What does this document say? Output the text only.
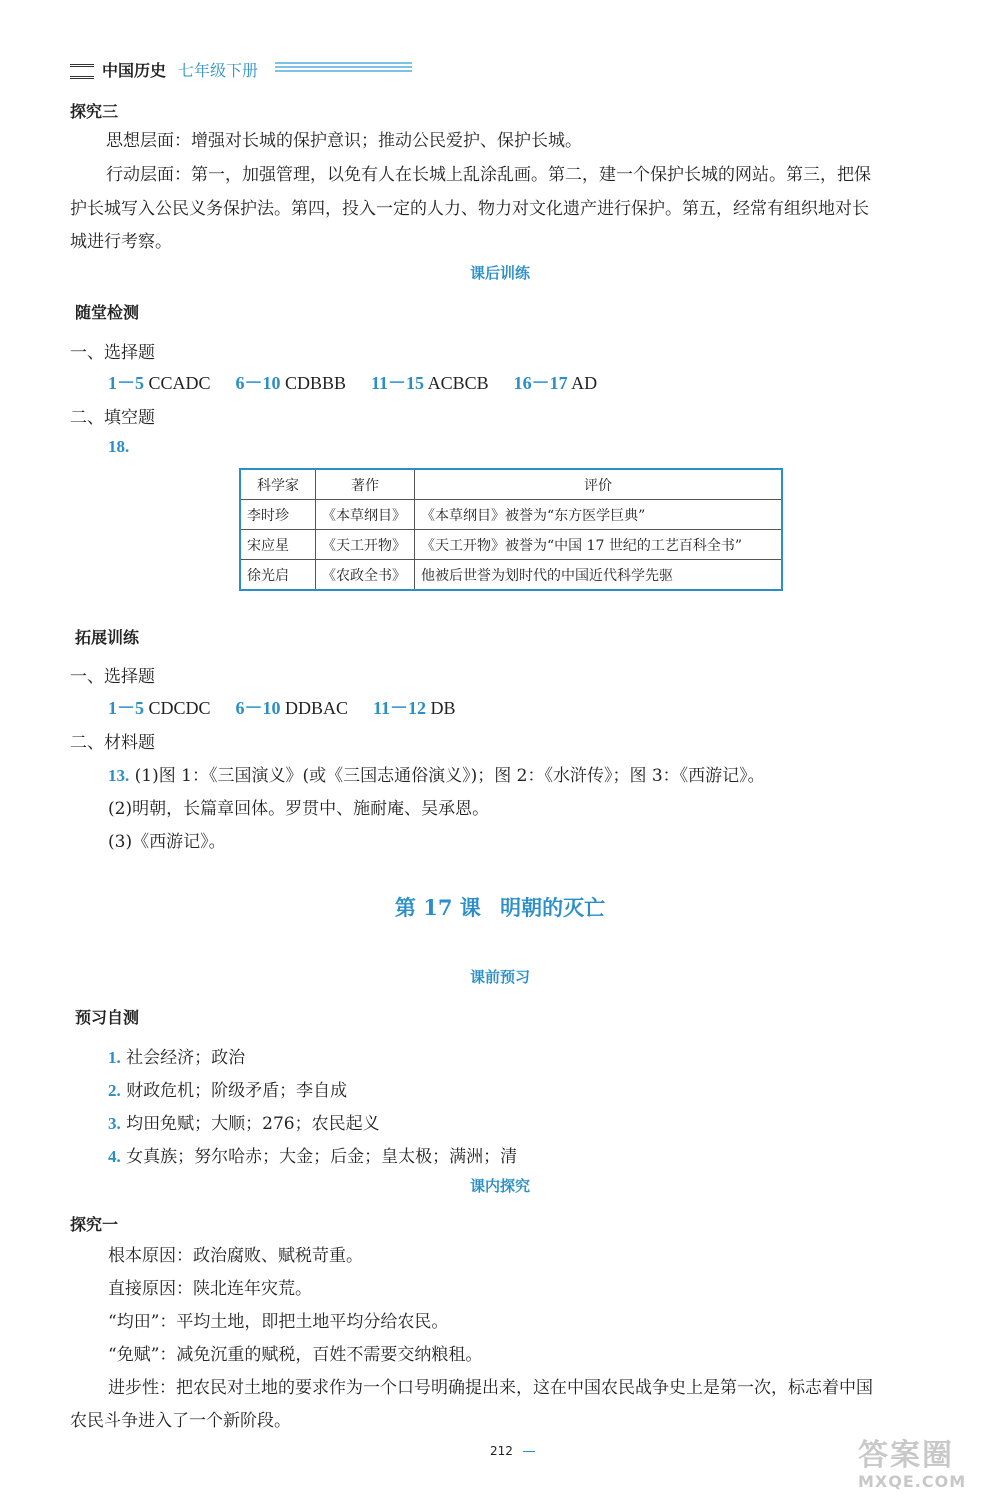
中国历史 七年级下册
探究三
思想层面：增强对长城的保护意识；推动公民爱护、保护长城。
行动层面：第一，加强管理，以免有人在长城上乱涂乱画。第二，建一个保护长城的网站。第三，把保
护长城写入公民义务保护法。第四，投入一定的人力、物力对文化遗产进行保护。第五，经常有组织地对长
城进行考察。
课后训练
随堂检测
一、选择题
1－5 CCADC 6－10 CDBBB 11－15 ACBCB 16－17 AD
二、填空题
18.
科学家	著作	评价
李时珍	《本草纲目》	《本草纲目》被誉为“东方医学巨典”
宋应星	《天工开物》	《天工开物》被誉为“中国 17 世纪的工艺百科全书”
徐光启	《农政全书》	他被后世誉为划时代的中国近代科学先驱
拓展训练
一、选择题
1－5 CDCDC 6－10 DDBAC 11－12 DB
二、材料题
13. (1)图 1：《三国演义》(或《三国志通俗演义》)；图 2：《水浒传》；图 3：《西游记》。
(2)明朝，长篇章回体。罗贯中、施耐庵、吴承恩。
(3)《西游记》。
第 17 课 明朝的灭亡
课前预习
预习自测
1. 社会经济；政治
2. 财政危机；阶级矛盾；李自成
3. 均田免赋；大顺；276；农民起义
4. 女真族；努尔哈赤；大金；后金；皇太极；满洲；清
课内探究
探究一
根本原因：政治腐败、赋税苛重。
直接原因：陕北连年灾荒。
“均田”：平均土地，即把土地平均分给农民。
“免赋”：减免沉重的赋税，百姓不需要交纳粮租。
进步性：把农民对土地的要求作为一个口号明确提出来，这在中国农民战争史上是第一次，标志着中国
农民斗争进入了一个新阶段。
212	答案圈
MXQE.COM
